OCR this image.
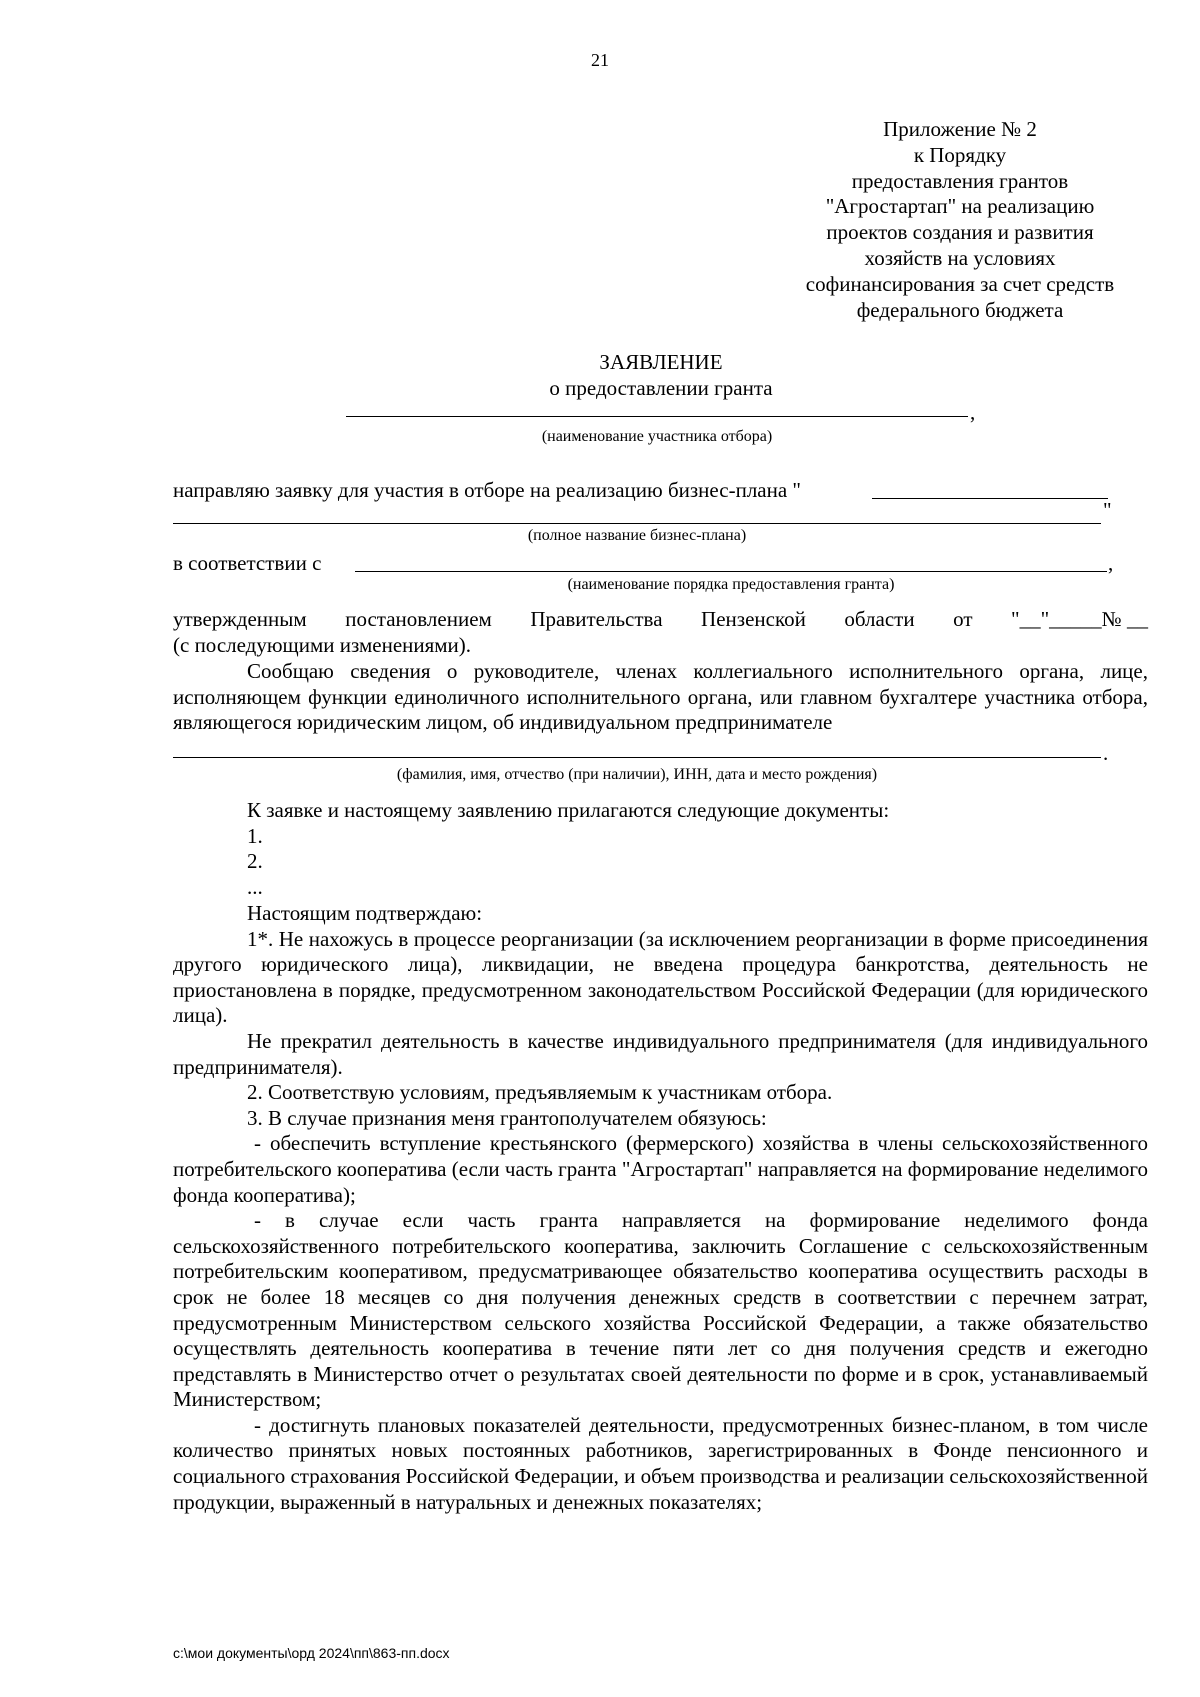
21
Приложение № 2
к Порядку
предоставления грантов
"Агростартап" на реализацию
проектов создания и развития
хозяйств на условиях
софинансирования за счет средств
федерального бюджета
ЗАЯВЛЕНИЕ
о предоставлении гранта
,
(наименование участника отбора)
направляю заявку для участия в отборе на реализацию бизнес-плана "
"
(полное название бизнес-плана)
в соответствии с	,
(наименование порядка предоставления гранта)
утвержденным постановлением Правительства Пензенской области от "__"_____№ __
(с последующими изменениями).

Сообщаю сведения о руководителе, членах коллегиального исполнительного органа, лице, исполняющем функции единоличного исполнительного органа, или главном бухгалтере участника отбора, являющегося юридическим лицом, об индивидуальном предпринимателе

.
(фамилия, имя, отчество (при наличии), ИНН, дата и место рождения)

К заявке и настоящему заявлению прилагаются следующие документы:

1.

2.

...

Настоящим подтверждаю:

1*. Не нахожусь в процессе реорганизации (за исключением реорганизации в форме присоединения другого юридического лица), ликвидации, не введена процедура банкротства, деятельность не приостановлена в порядке, предусмотренном законодательством Российской Федерации (для юридического лица).

Не прекратил деятельность в качестве индивидуального предпринимателя (для индивидуального предпринимателя).

2. Соответствую условиям, предъявляемым к участникам отбора.

3. В случае признания меня грантополучателем обязуюсь:

- обеспечить вступление крестьянского (фермерского) хозяйства в члены сельскохозяйственного потребительского кооператива (если часть гранта "Агростартап" направляется на формирование неделимого фонда кооператива);

- в случае если часть гранта направляется на формирование неделимого фонда сельскохозяйственного потребительского кооператива, заключить Соглашение с сельскохозяйственным потребительским кооперативом, предусматривающее обязательство кооператива осуществить расходы в срок не более 18 месяцев со дня получения денежных средств в соответствии с перечнем затрат, предусмотренным Министерством сельского хозяйства Российской Федерации, а также обязательство осуществлять деятельность кооператива в течение пяти лет со дня получения средств и ежегодно представлять в Министерство отчет о результатах своей деятельности по форме и в срок, устанавливаемый Министерством;

- достигнуть плановых показателей деятельности, предусмотренных бизнес-планом, в том числе количество принятых новых постоянных работников, зарегистрированных в Фонде пенсионного и социального страхования Российской Федерации, и объем производства и реализации сельскохозяйственной продукции, выраженный в натуральных и денежных показателях;

c:\мои документы\орд 2024\пп\863-пп.docx
